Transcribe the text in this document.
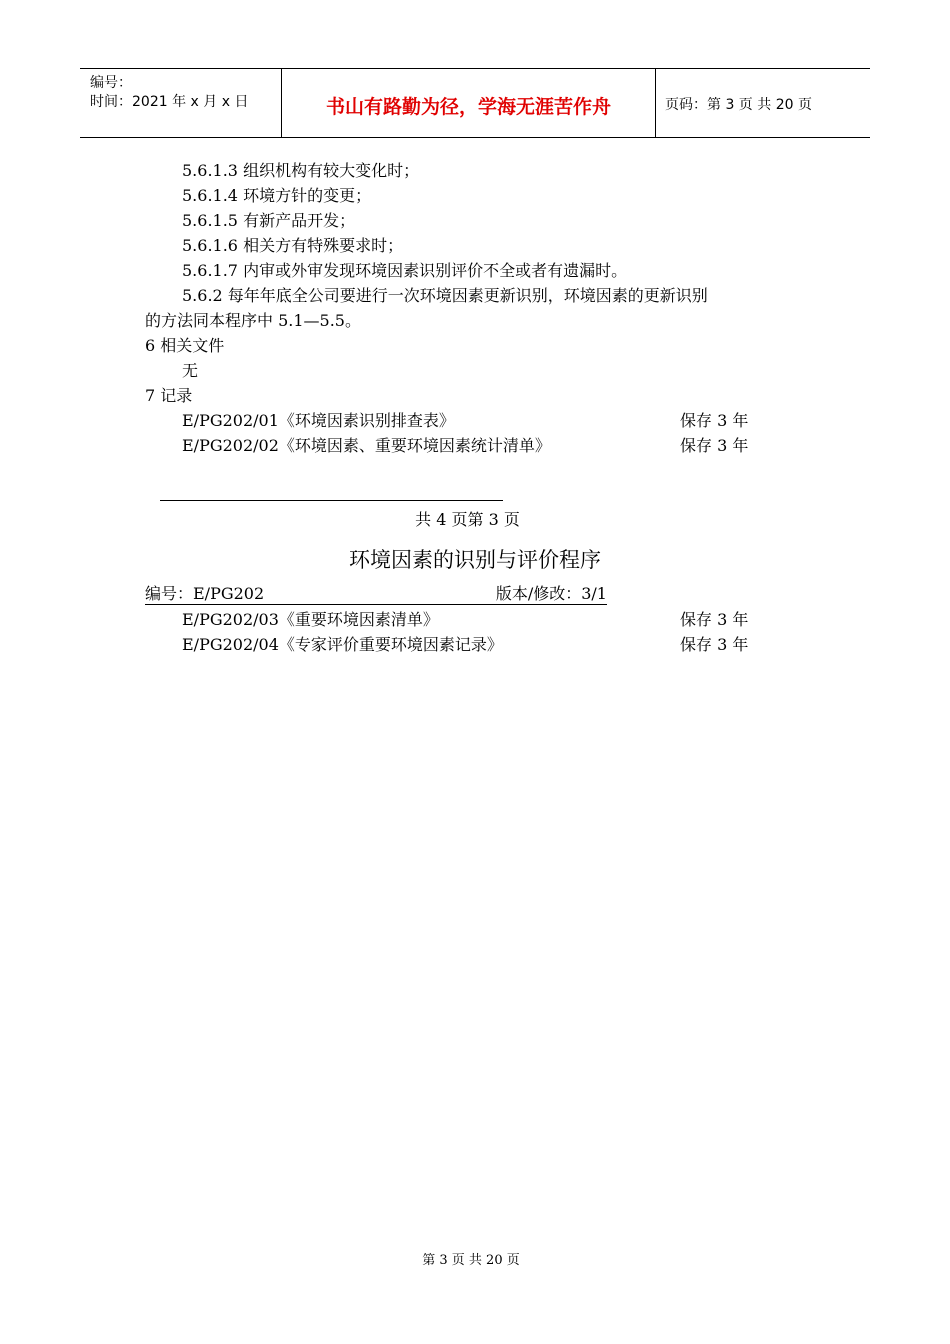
编号：
时间：2021 年 x 月 x 日	书山有路勤为径，学海无涯苦作舟	页码：第 3 页 共 20 页
5.6.1.3 组织机构有较大变化时；
5.6.1.4 环境方针的变更；
5.6.1.5 有新产品开发；
5.6.1.6 相关方有特殊要求时；
5.6.1.7 内审或外审发现环境因素识别评价不全或者有遗漏时。
5.6.2 每年年底全公司要进行一次环境因素更新识别，环境因素的更新识别
的方法同本程序中 5.1—5.5。
6 相关文件
无
7 记录
E/PG202/01《环境因素识别排查表》	保存 3 年
E/PG202/02《环境因素、重要环境因素统计清单》	保存 3 年
共 4 页第 3 页
环境因素的识别与评价程序
编号：E/PG202	版本/修改：3/1
E/PG202/03《重要环境因素清单》	保存 3 年
E/PG202/04《专家评价重要环境因素记录》	保存 3 年
第 3 页 共 20 页
